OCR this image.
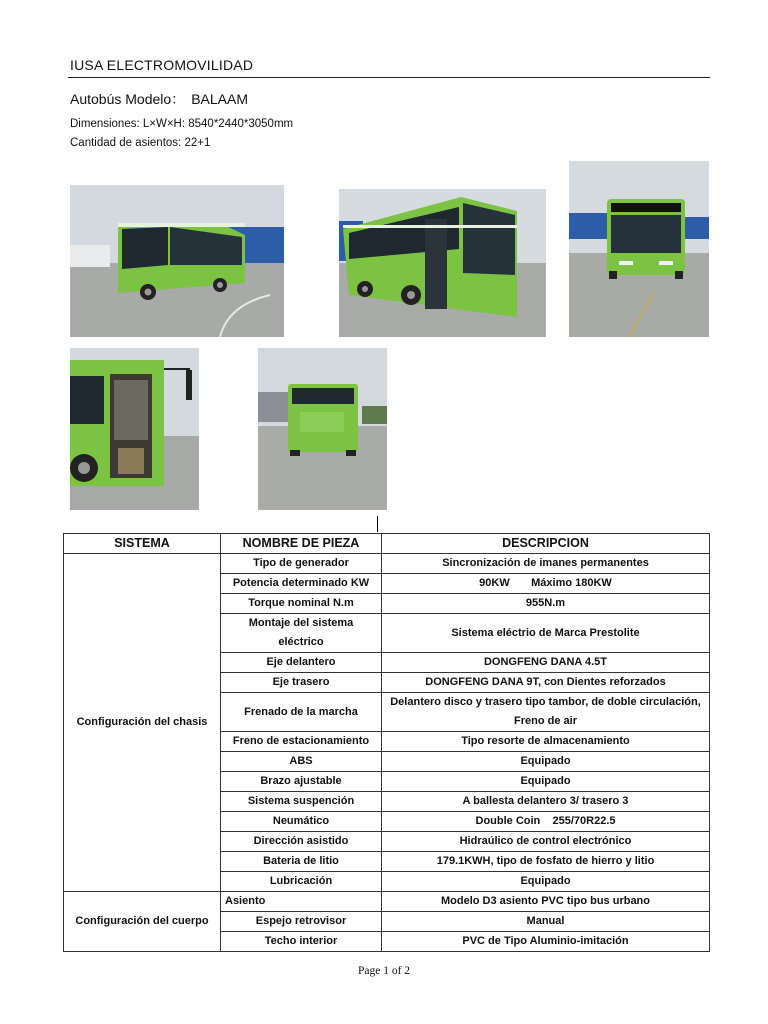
IUSA ELECTROMOVILIDAD
Autobús Modelo： BALAAM
Dimensiones: L×W×H: 8540*2440*3050mm
Cantidad de asientos: 22+1
SISTEMA	NOMBRE DE PIEZA	DESCRIPCION
Configuración del chasis	Tipo de generador	Sincronización de imanes permanentes
	Potencia determinado KW	90KW       Máximo 180KW
	Torque nominal N.m	955N.m
	Montaje del sistema eléctrico	Sistema eléctrio de Marca Prestolite
	Eje delantero	DONGFENG DANA 4.5T
	Eje trasero	DONGFENG DANA 9T, con Dientes reforzados
	Frenado de la marcha	Delantero disco y trasero tipo tambor, de doble circulación, Freno de air
	Freno de estacionamiento	Tipo resorte de almacenamiento
	ABS	Equipado
	Brazo ajustable	Equipado
	Sistema suspención	A ballesta delantero 3/ trasero 3
	Neumático	Double Coin    255/70R22.5
	Dirección asistido	Hidraúlico de control electrónico
	Bateria de litio	179.1KWH, tipo de fosfato de hierro y litio
	Lubricación	Equipado
Configuración del cuerpo	Asiento	Modelo D3 asiento PVC tipo bus urbano
	Espejo retrovisor	Manual
	Techo interior	PVC de Tipo Aluminio-imitación
Page 1 of 2
